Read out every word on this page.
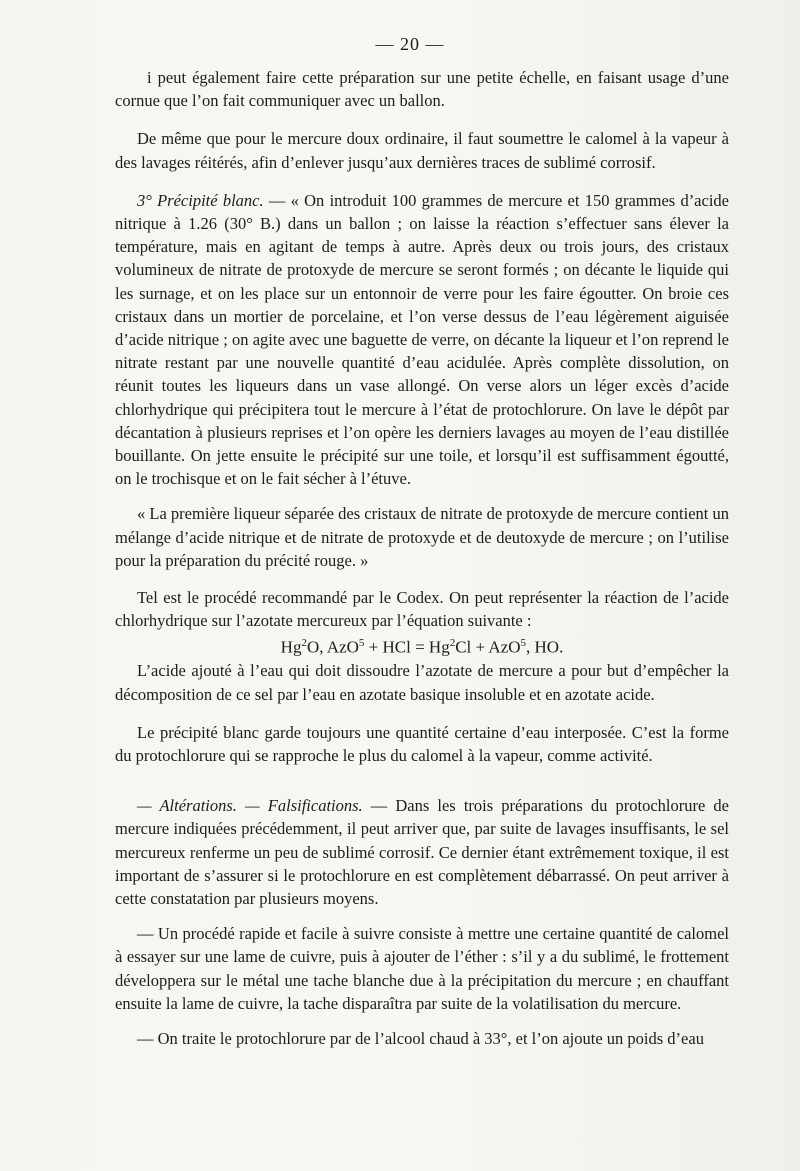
— 20 —

i peut également faire cette préparation sur une petite échelle, en faisant usage d’une cornue que l’on fait communiquer avec un ballon.

De même que pour le mercure doux ordinaire, il faut soumettre le calomel à la vapeur à des lavages réitérés, afin d’enlever jusqu’aux dernières traces de sublimé corrosif.

3° Précipité blanc. — « On introduit 100 grammes de mercure et 150 grammes d’acide nitrique à 1.26 (30° B.) dans un ballon ; on laisse la réaction s’effectuer sans élever la température, mais en agitant de temps à autre. Après deux ou trois jours, des cristaux volumineux de nitrate de protoxyde de mercure se seront formés ; on décante le liquide qui les surnage, et on les place sur un entonnoir de verre pour les faire égoutter. On broie ces cristaux dans un mortier de porcelaine, et l’on verse dessus de l’eau légèrement aiguisée d’acide nitrique ; on agite avec une baguette de verre, on décante la liqueur et l’on reprend le nitrate restant par une nouvelle quantité d’eau acidulée. Après complète dissolution, on réunit toutes les liqueurs dans un vase allongé. On verse alors un léger excès d’acide chlorhydrique qui précipitera tout le mercure à l’état de protochlorure. On lave le dépôt par décantation à plusieurs reprises et l’on opère les derniers lavages au moyen de l’eau distillée bouillante. On jette ensuite le précipité sur une toile, et lorsqu’il est suffisamment égoutté, on le trochisque et on le fait sécher à l’étuve.

« La première liqueur séparée des cristaux de nitrate de protoxyde de mercure contient un mélange d’acide nitrique et de nitrate de protoxyde et de deutoxyde de mercure ; on l’utilise pour la préparation du précité rouge. »

Tel est le procédé recommandé par le Codex. On peut représenter la réaction de l’acide chlorhydrique sur l’azotate mercureux par l’équation suivante :

Hg$^2$O, AzO$^5$ + HCl = $Hg^2Cl + AzO^5$, HO.

L’acide ajouté à l’eau qui doit dissoudre l’azotate de mercure a pour but d’empêcher la décomposition de ce sel par l’eau en azotate basique insoluble et en azotate acide.

Le précipité blanc garde toujours une quantité certaine d’eau interposée. C’est la forme du protochlorure qui se rapproche le plus du calomel à la vapeur, comme activité.

— Altérations. — Falsifications. — Dans les trois préparations du protochlorure de mercure indiquées précédemment, il peut arriver que, par suite de lavages insuffisants, le sel mercureux renferme un peu de sublimé corrosif. Ce dernier étant extrêmement toxique, il est important de s’assurer si le protochlorure en est complètement débarrassé. On peut arriver à cette constatation par plusieurs moyens.

— Un procédé rapide et facile à suivre consiste à mettre une certaine quantité de calomel à essayer sur une lame de cuivre, puis à ajouter de l’éther : s’il y a du sublimé, le frottement développera sur le métal une tache blanche due à la précipitation du mercure ; en chauffant ensuite la lame de cuivre, la tache disparaîtra par suite de la volatilisation du mercure.

— On traite le protochlorure par de l’alcool chaud à 33°, et l’on ajoute un poids d’eau
